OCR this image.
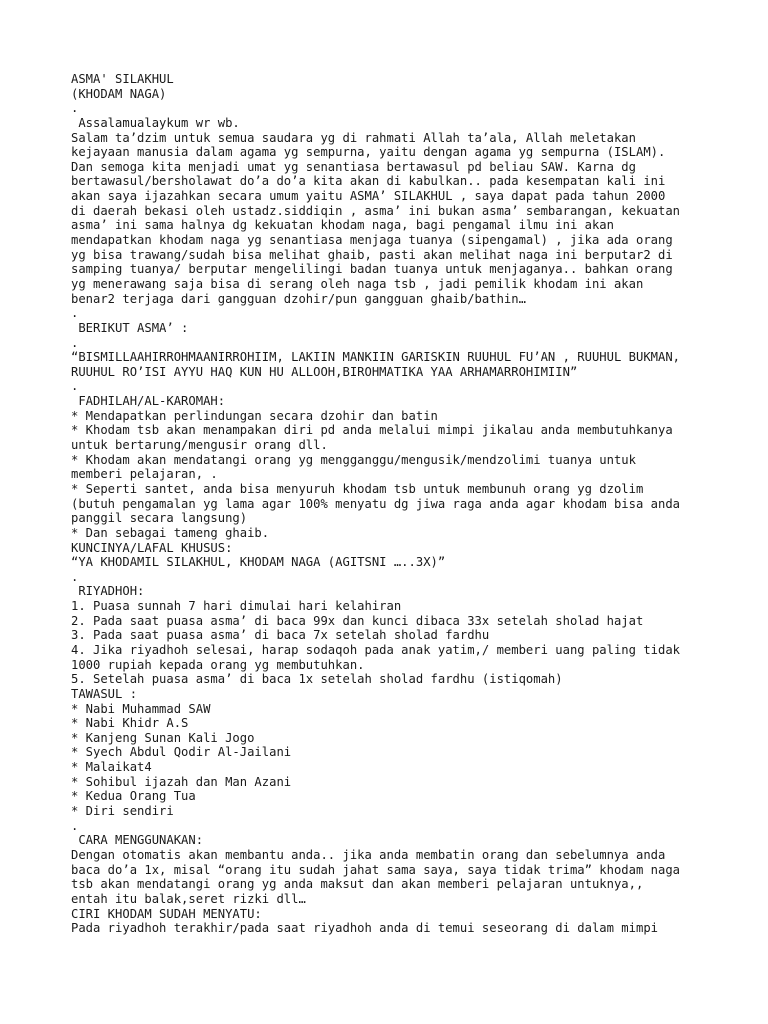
ASMA' SILAKHUL
(KHODAM NAGA)
.
Assalamualaykum wr wb.
Salam ta’dzim untuk semua saudara yg di rahmati Allah ta’ala, Allah meletakan
kejayaan manusia dalam agama yg sempurna, yaitu dengan agama yg sempurna (ISLAM).
Dan semoga kita menjadi umat yg senantiasa bertawasul pd beliau SAW. Karna dg
bertawasul/bersholawat do’a do’a kita akan di kabulkan.. pada kesempatan kali ini
akan saya ijazahkan secara umum yaitu ASMA’ SILAKHUL , saya dapat pada tahun 2000
di daerah bekasi oleh ustadz.siddiqin , asma’ ini bukan asma’ sembarangan, kekuatan
asma’ ini sama halnya dg kekuatan khodam naga, bagi pengamal ilmu ini akan
mendapatkan khodam naga yg senantiasa menjaga tuanya (sipengamal) , jika ada orang
yg bisa trawang/sudah bisa melihat ghaib, pasti akan melihat naga ini berputar2 di
samping tuanya/ berputar mengelilingi badan tuanya untuk menjaganya.. bahkan orang
yg menerawang saja bisa di serang oleh naga tsb , jadi pemilik khodam ini akan
benar2 terjaga dari gangguan dzohir/pun gangguan ghaib/bathin…
.
BERIKUT ASMA’ :
.
“BISMILLAAHIRROHMAANIRROHIIM, LAKIIN MANKIIN GARISKIN RUUHUL FU’AN , RUUHUL BUKMAN,
RUUHUL RO’ISI AYYU HAQ KUN HU ALLOOH,BIROHMATIKA YAA ARHAMARROHIMIIN”
.
FADHILAH/AL-KAROMAH:
* Mendapatkan perlindungan secara dzohir dan batin
* Khodam tsb akan menampakan diri pd anda melalui mimpi jikalau anda membutuhkanya
untuk bertarung/mengusir orang dll.
* Khodam akan mendatangi orang yg mengganggu/mengusik/mendzolimi tuanya untuk
memberi pelajaran, .
* Seperti santet, anda bisa menyuruh khodam tsb untuk membunuh orang yg dzolim
(butuh pengamalan yg lama agar 100% menyatu dg jiwa raga anda agar khodam bisa anda
panggil secara langsung)
* Dan sebagai tameng ghaib.
KUNCINYA/LAFAL KHUSUS:
“YA KHODAMIL SILAKHUL, KHODAM NAGA (AGITSNI …..3X)”
.
RIYADHOH:
1. Puasa sunnah 7 hari dimulai hari kelahiran
2. Pada saat puasa asma’ di baca 99x dan kunci dibaca 33x setelah sholad hajat
3. Pada saat puasa asma’ di baca 7x setelah sholad fardhu
4. Jika riyadhoh selesai, harap sodaqoh pada anak yatim,/ memberi uang paling tidak
1000 rupiah kepada orang yg membutuhkan.
5. Setelah puasa asma’ di baca 1x setelah sholad fardhu (istiqomah)
TAWASUL :
* Nabi Muhammad SAW
* Nabi Khidr A.S
* Kanjeng Sunan Kali Jogo
* Syech Abdul Qodir Al-Jailani
* Malaikat4
* Sohibul ijazah dan Man Azani
* Kedua Orang Tua
* Diri sendiri
.
CARA MENGGUNAKAN:
Dengan otomatis akan membantu anda.. jika anda membatin orang dan sebelumnya anda
baca do’a 1x, misal “orang itu sudah jahat sama saya, saya tidak trima” khodam naga
tsb akan mendatangi orang yg anda maksut dan akan memberi pelajaran untuknya,,
entah itu balak,seret rizki dll…
CIRI KHODAM SUDAH MENYATU:
Pada riyadhoh terakhir/pada saat riyadhoh anda di temui seseorang di dalam mimpi
